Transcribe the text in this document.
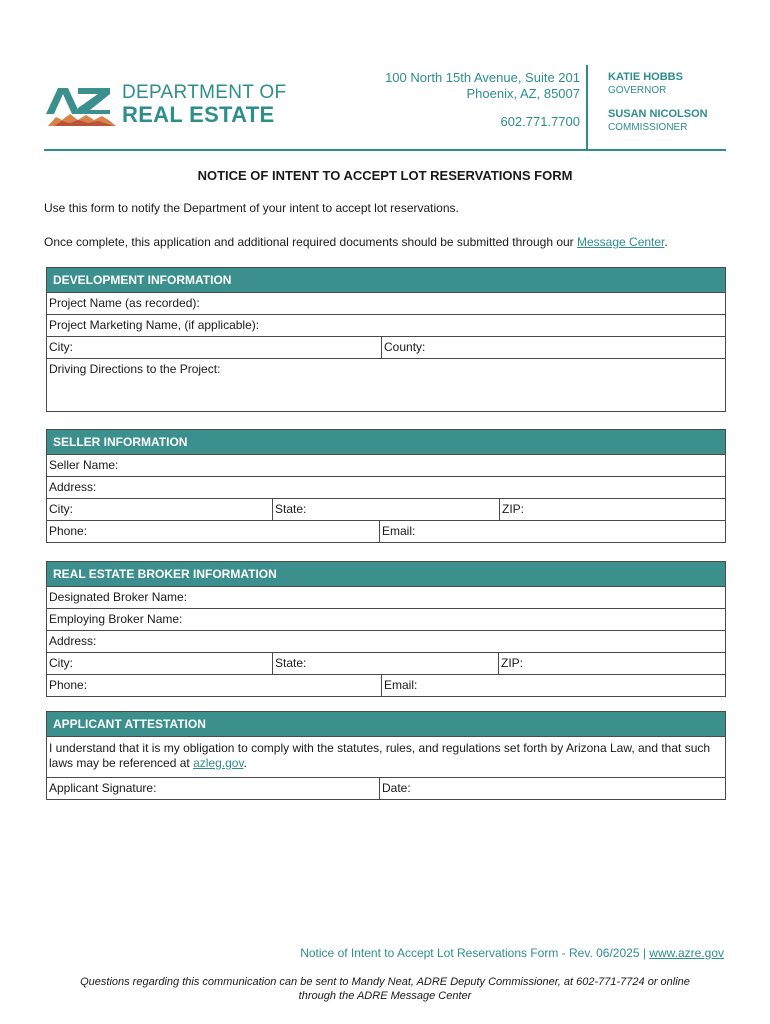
DEPARTMENT OF
REAL ESTATE
100 North 15th Avenue, Suite 201
Phoenix, AZ, 85007
602.771.7700
KATIE HOBBS
GOVERNOR
SUSAN NICOLSON
COMMISSIONER
NOTICE OF INTENT TO ACCEPT LOT RESERVATIONS FORM
Use this form to notify the Department of your intent to accept lot reservations.
Once complete, this application and additional required documents should be submitted through our Message Center.
DEVELOPMENT INFORMATION
Project Name (as recorded):
Project Marketing Name, (if applicable):
City:	County:
Driving Directions to the Project:
SELLER INFORMATION
Seller Name:
Address:
City:	State:	ZIP:
Phone:	Email:
REAL ESTATE BROKER INFORMATION
Designated Broker Name:
Employing Broker Name:
Address:
City:	State:	ZIP:
Phone:	Email:
APPLICANT ATTESTATION
I understand that it is my obligation to comply with the statutes, rules, and regulations set forth by Arizona Law, and that such laws may be referenced at azleg.gov.
Applicant Signature:	Date:
Notice of Intent to Accept Lot Reservations Form - Rev. 06/2025 | www.azre.gov
Questions regarding this communication can be sent to Mandy Neat, ADRE Deputy Commissioner, at 602-771-7724 or online
through the ADRE Message Center
